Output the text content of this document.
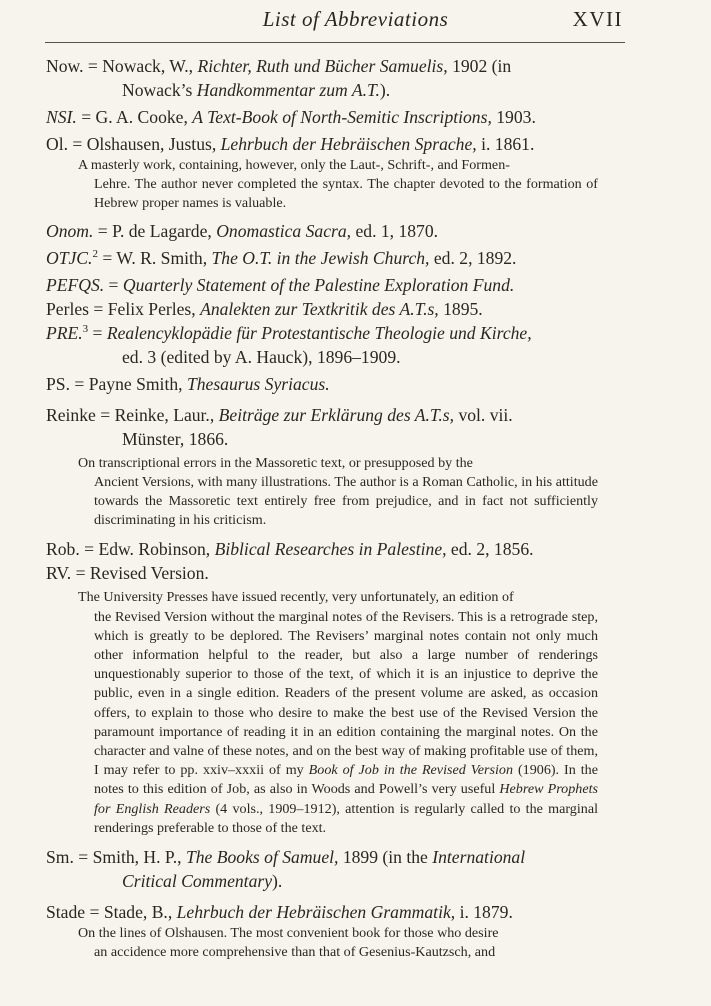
List of Abbreviations	XVII
Now. = Nowack, W., Richter, Ruth und Bücher Samuelis, 1902 (in
Nowack’s Handkommentar zum A.T.).
NSI. = G. A. Cooke, A Text-Book of North-Semitic Inscriptions, 1903.
Ol. = Olshausen, Justus, Lehrbuch der Hebräischen Sprache, i. 1861.
A masterly work, containing, however, only the Laut-, Schrift-, and Formen-
Lehre. The author never completed the syntax. The chapter devoted to the formation of Hebrew proper names is valuable.
Onom. = P. de Lagarde, Onomastica Sacra, ed. 1, 1870.
OTJC.$^2$ = W. R. Smith, The O.T. in the Jewish Church, ed. 2, 1892.
PEFQS. = Quarterly Statement of the Palestine Exploration Fund.
Perles = Felix Perles, Analekten zur Textkritik des A.T.s, 1895.
PRE.$^3$ = Realencyklopädie für Protestantische Theologie und Kirche,
ed. 3 (edited by A. Hauck), 1896–1909.
PS. = Payne Smith, Thesaurus Syriacus.
Reinke = Reinke, Laur., Beiträge zur Erklärung des A.T.s, vol. vii.
Münster, 1866.
On transcriptional errors in the Massoretic text, or presupposed by the
Ancient Versions, with many illustrations. The author is a Roman Catholic, in his attitude towards the Massoretic text entirely free from prejudice, and in fact not sufficiently discriminating in his criticism.
Rob. = Edw. Robinson, Biblical Researches in Palestine, ed. 2, 1856.
RV. = Revised Version.
The University Presses have issued recently, very unfortunately, an edition of
the Revised Version without the marginal notes of the Revisers. This is a retrograde step, which is greatly to be deplored. The Revisers’ marginal notes contain not only much other information helpful to the reader, but also a large number of renderings unquestionably superior to those of the text, of which it is an injustice to deprive the public, even in a single edition. Readers of the present volume are asked, as occasion offers, to explain to those who desire to make the best use of the Revised Version the paramount importance of reading it in an edition containing the marginal notes. On the character and valne of these notes, and on the best way of making profitable use of them, I may refer to pp. xxiv–xxxii of my Book of Job in the Revised Version (1906). In the notes to this edition of Job, as also in Woods and Powell’s very useful Hebrew Prophets for English Readers (4 vols., 1909–1912), attention is regularly called to the marginal renderings preferable to those of the text.
Sm. = Smith, H. P., The Books of Samuel, 1899 (in the International
Critical Commentary).
Stade = Stade, B., Lehrbuch der Hebräischen Grammatik, i. 1879.
On the lines of Olshausen. The most convenient book for those who desire
an accidence more comprehensive than that of Gesenius-Kautzsch, and
